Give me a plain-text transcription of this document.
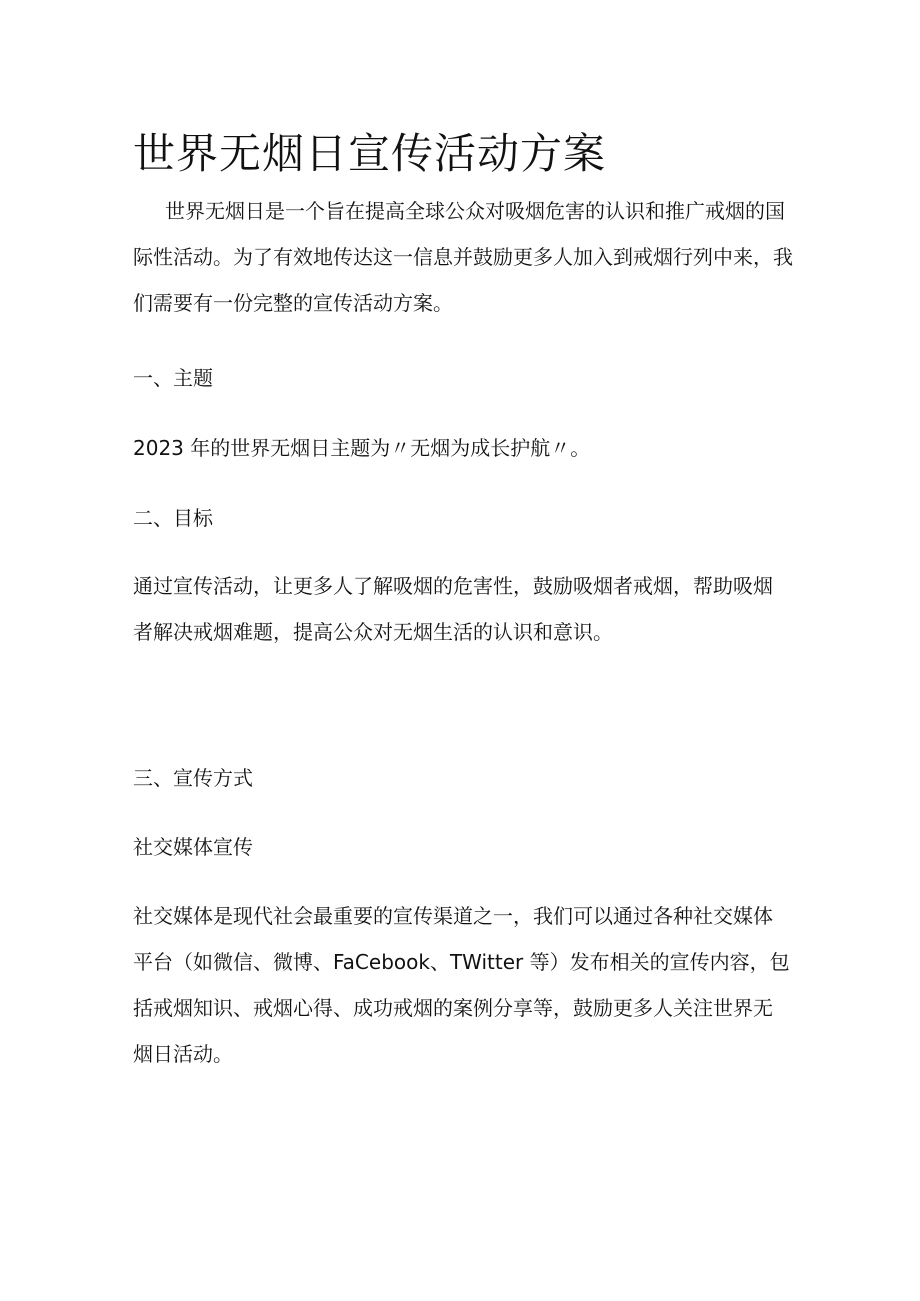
世界无烟日宣传活动方案

世界无烟日是一个旨在提高全球公众对吸烟危害的认识和推广戒烟的国
际性活动。为了有效地传达这一信息并鼓励更多人加入到戒烟行列中来，我
们需要有一份完整的宣传活动方案。

一、主题

2023 年的世界无烟日主题为〃无烟为成长护航〃。

二、目标

通过宣传活动，让更多人了解吸烟的危害性，鼓励吸烟者戒烟，帮助吸烟
者解决戒烟难题，提高公众对无烟生活的认识和意识。

三、宣传方式
社交媒体宣传

社交媒体是现代社会最重要的宣传渠道之一，我们可以通过各种社交媒体
平台（如微信、微博、FaCebook、TWitter 等）发布相关的宣传内容，包
括戒烟知识、戒烟心得、成功戒烟的案例分享等，鼓励更多人关注世界无
烟日活动。
